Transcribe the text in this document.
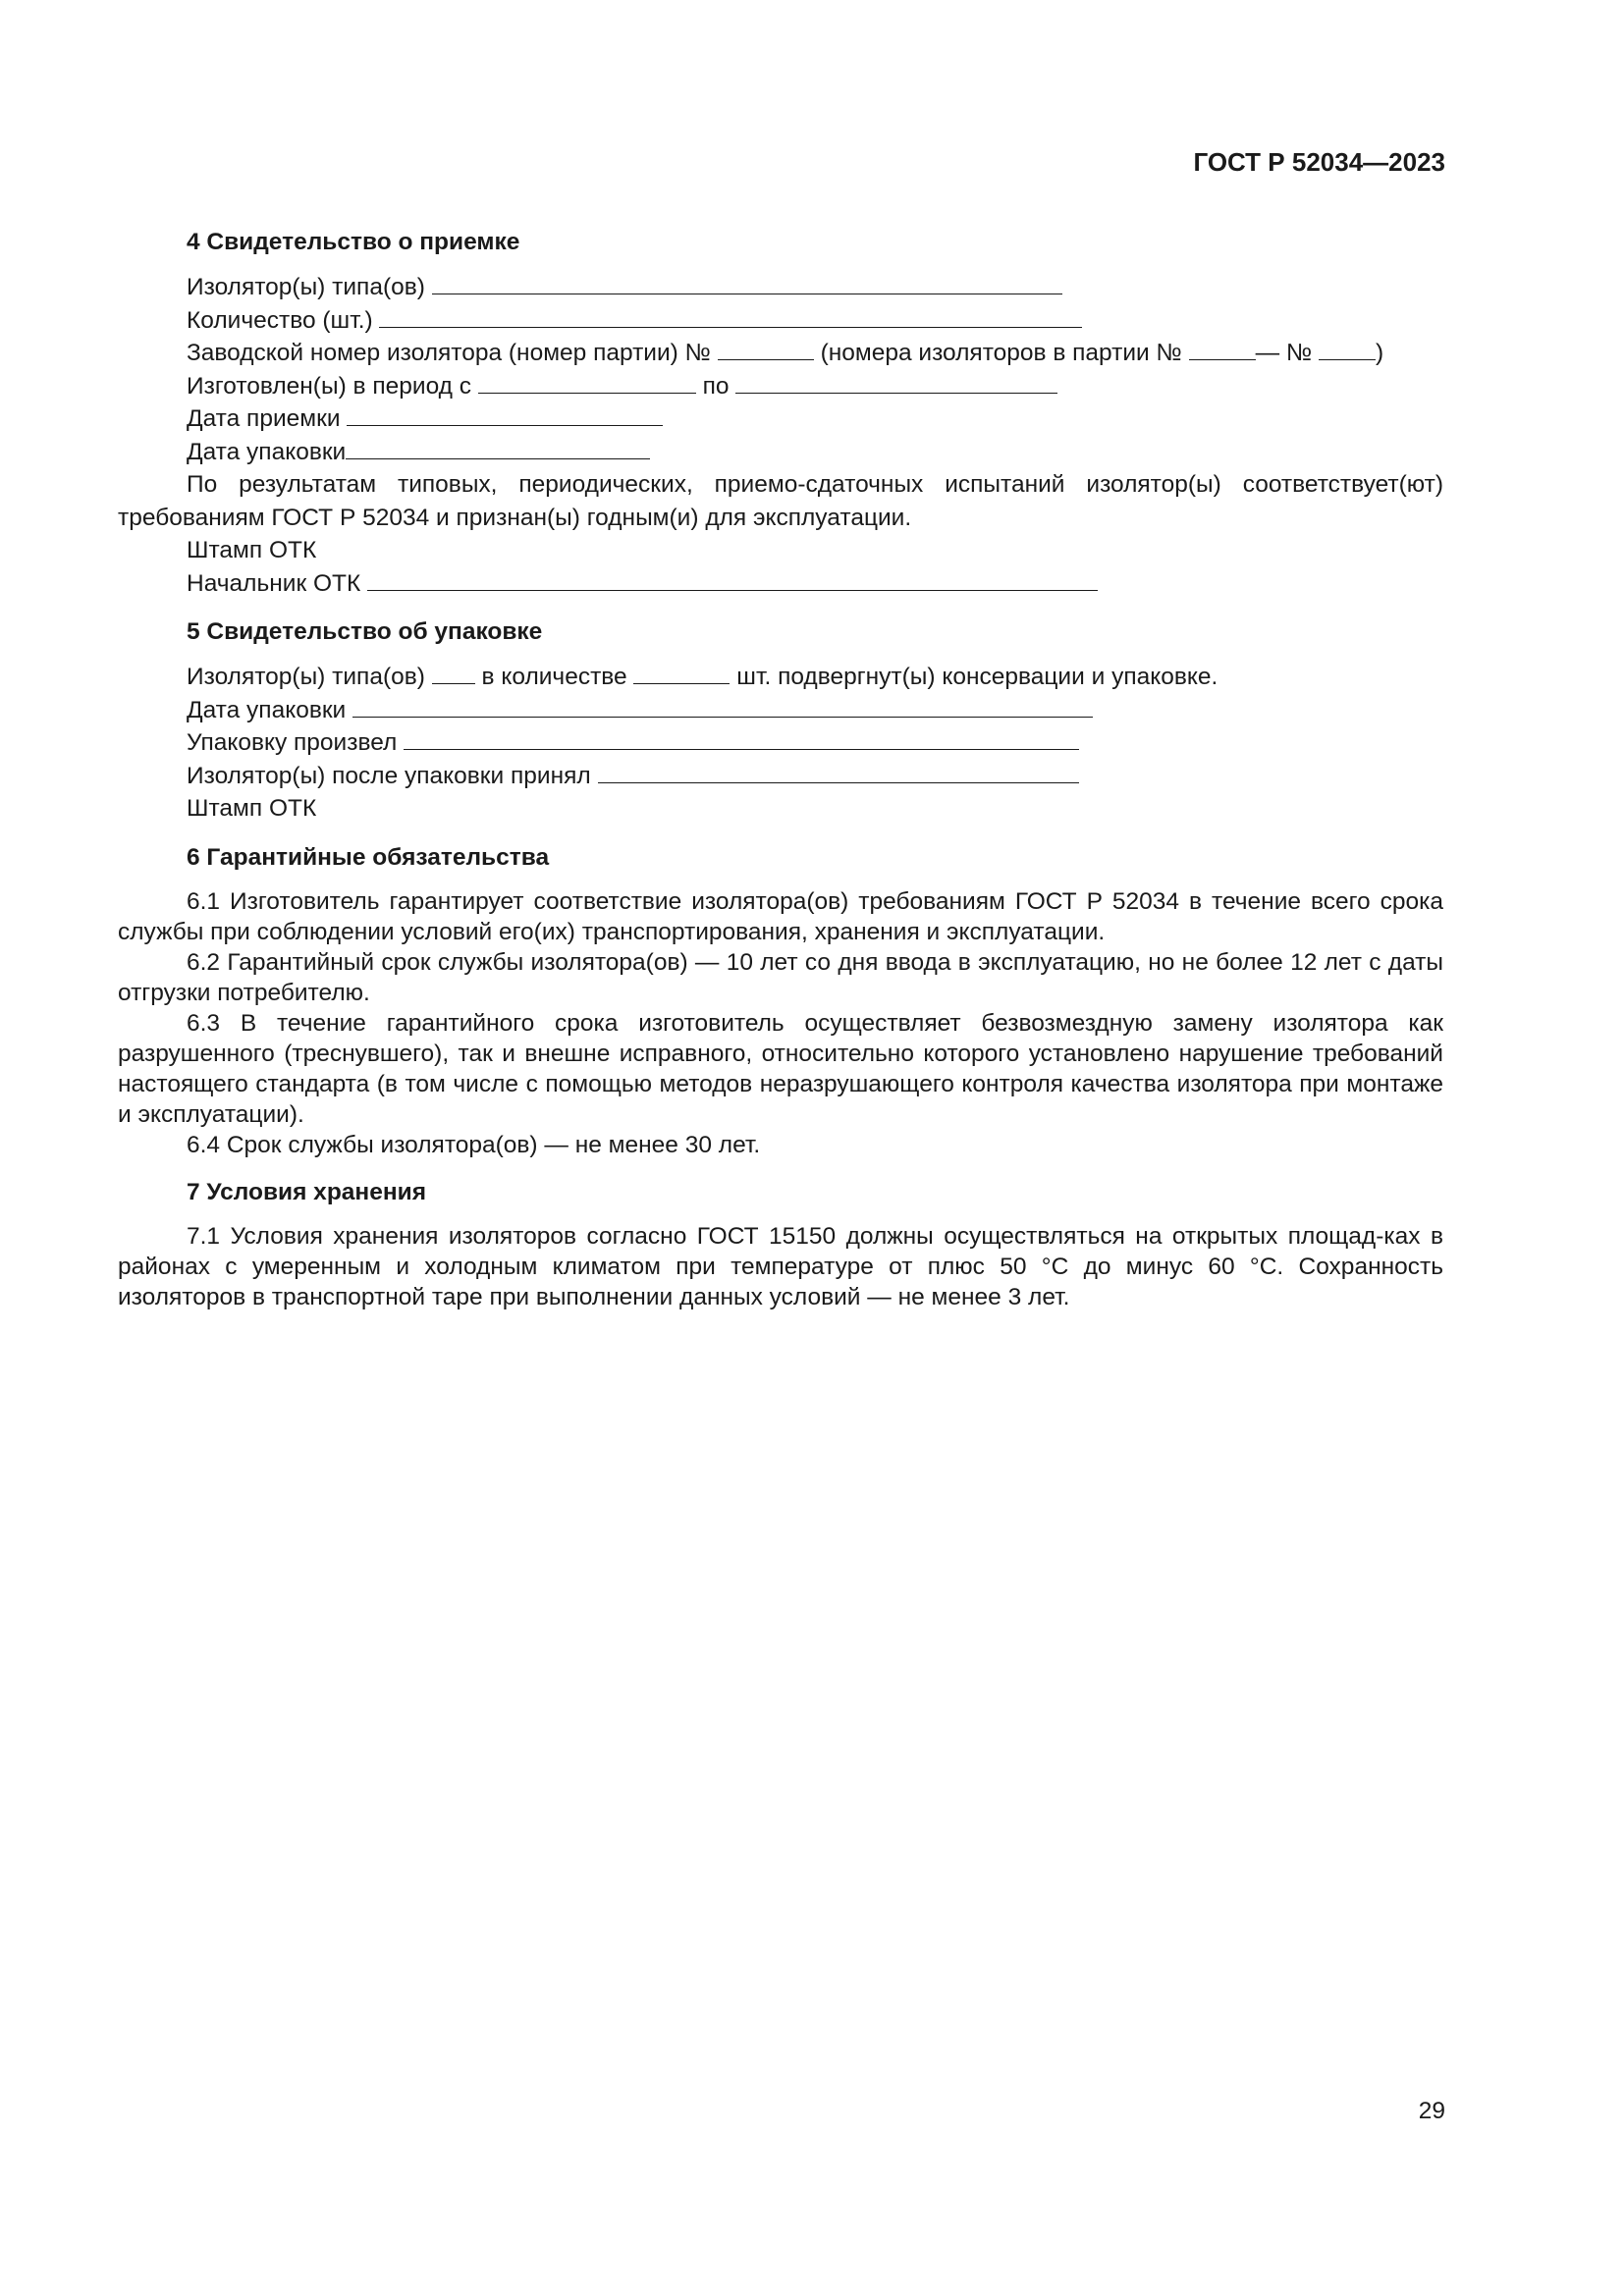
ГОСТ Р 52034—2023
4 Свидетельство о приемке
Изолятор(ы) типа(ов)
Количество (шт.)
Заводской номер изолятора (номер партии) №	(номера изоляторов в партии №	— №	)
Изготовлен(ы) в период с	по
Дата приемки
Дата упаковки
По результатам типовых, периодических, приемо-сдаточных испытаний изолятор(ы) соответствует(ют) требованиям ГОСТ Р 52034 и признан(ы) годным(и) для эксплуатации.
Штамп ОТК
Начальник ОТК
5 Свидетельство об упаковке
Изолятор(ы) типа(ов) в количестве	шт. подвергнут(ы) консервации и упаковке.
Дата упаковки
Упаковку произвел
Изолятор(ы) после упаковки принял
Штамп ОТК
6 Гарантийные обязательства
6.1 Изготовитель гарантирует соответствие изолятора(ов) требованиям ГОСТ Р 52034 в течение всего срока службы при соблюдении условий его(их) транспортирования, хранения и эксплуатации.
6.2 Гарантийный срок службы изолятора(ов) — 10 лет со дня ввода в эксплуатацию, но не более 12 лет с даты отгрузки потребителю.
6.3 В течение гарантийного срока изготовитель осуществляет безвозмездную замену изолятора как разрушенного (треснувшего), так и внешне исправного, относительно которого установлено нарушение требований настоящего стандарта (в том числе с помощью методов неразрушающего контроля качества изолятора при монтаже и эксплуатации).
6.4 Срок службы изолятора(ов) — не менее 30 лет.
7 Условия хранения
7.1 Условия хранения изоляторов согласно ГОСТ 15150 должны осуществляться на открытых площад-ках в районах с умеренным и холодным климатом при температуре от плюс 50 °С до минус 60 °С. Сохранность изоляторов в транспортной таре при выполнении данных условий — не менее 3 лет.
29
